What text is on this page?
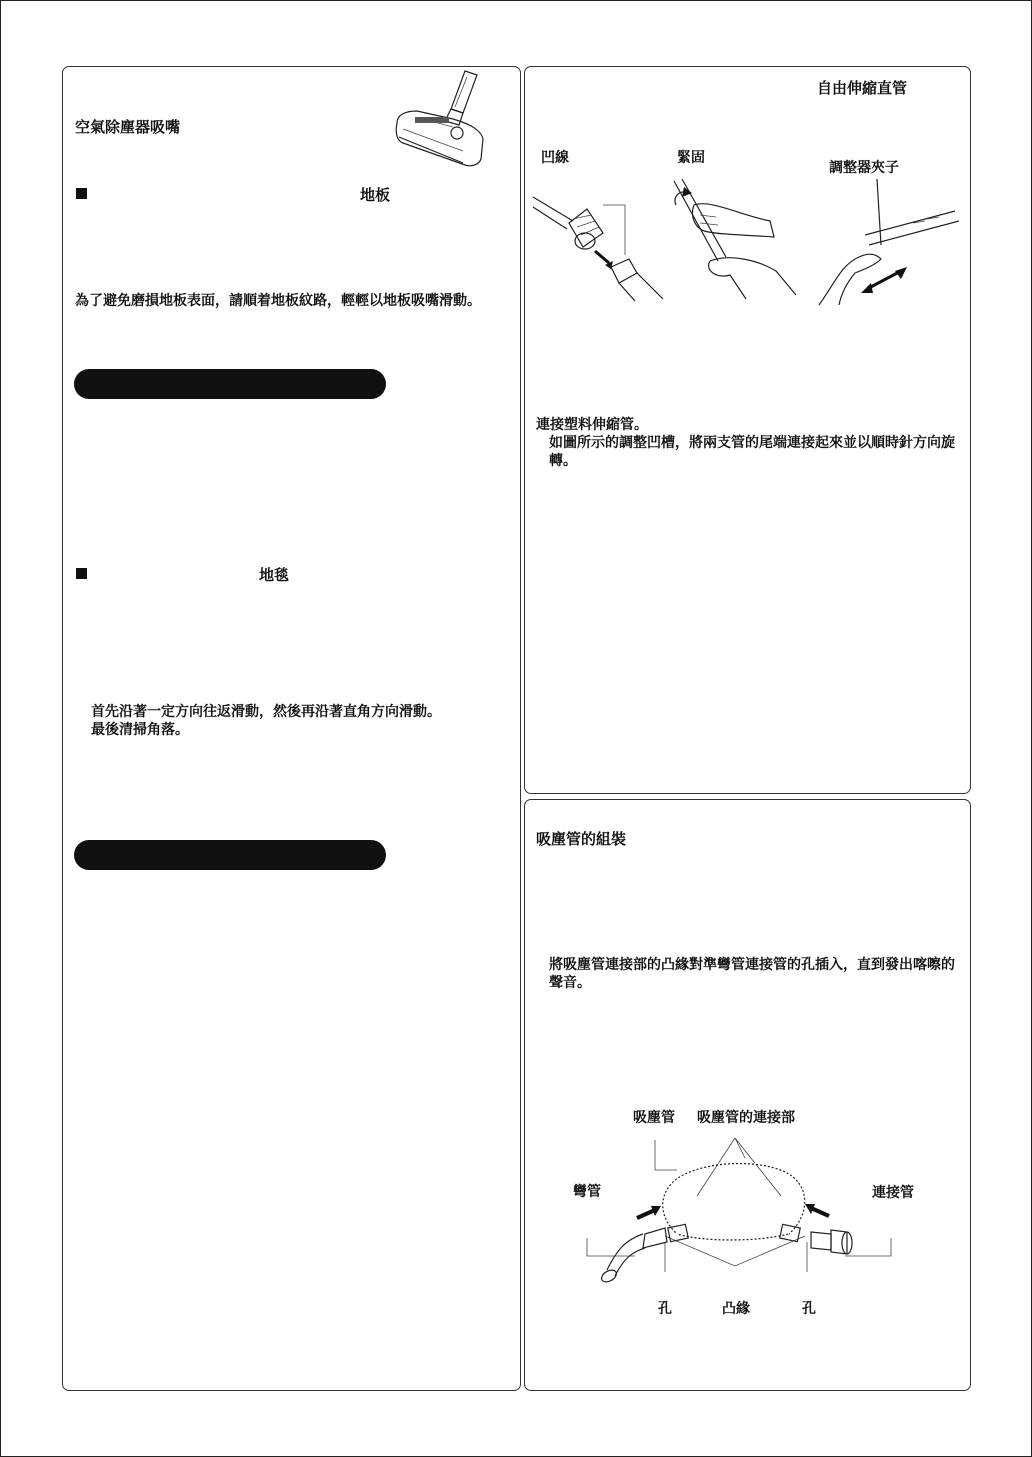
空氣除塵器吸嘴
地板
為了避免磨損地板表面，請順着地板紋路，輕輕以地板吸嘴滑動。
地毯
首先沿著一定方向往返滑動，然後再沿著直角方向滑動。
最後清掃角落。
自由伸縮直管
凹線	緊固
調整器夾子
連接塑料伸縮管。
如圖所示的調整凹槽，將兩支管的尾端連接起來並以順時針方向旋
轉。
吸塵管的組裝
將吸塵管連接部的凸緣對準彎管連接管的孔插入，直到發出喀嚓的
聲音。
吸塵管 吸塵管的連接部
彎管	連接管
孔	凸緣	孔
